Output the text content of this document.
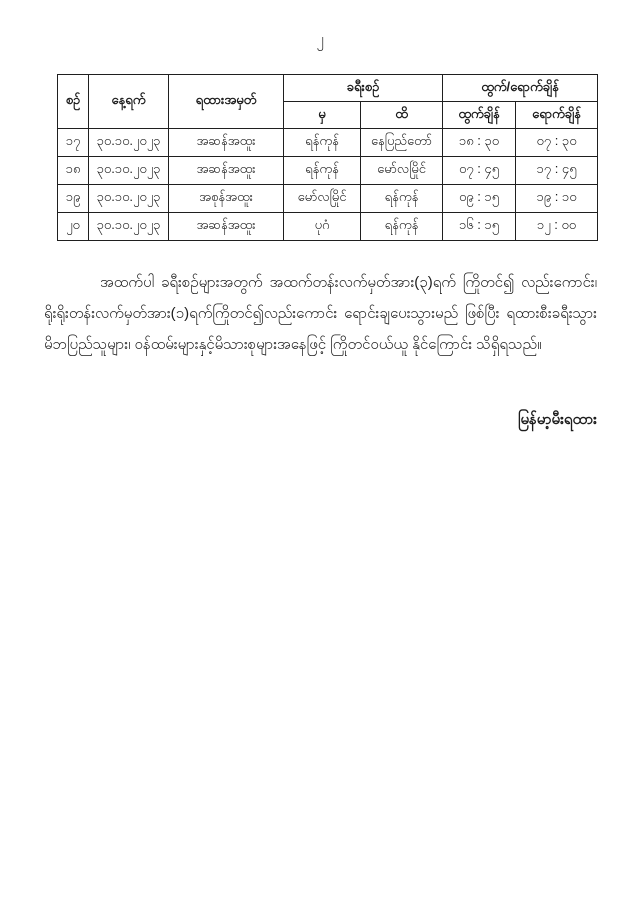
၂
စဉ်	နေ့ရက်	ရထားအမှတ်	ခရီးစဉ်		ထွက်/ရောက်ချိန်	
			မှ	ထိ	ထွက်ချိန်	ရောက်ချိန်
၁၇	၃၀.၁၀.၂၀၂၃	အဆန်အထူး	ရန်ကုန်	နေပြည်တော်	၁၈ : ၃၀	၀၇ : ၃၀
၁၈	၃၀.၁၀.၂၀၂၃	အဆန်အထူး	ရန်ကုန်	မော်လမြိုင်	၀၇ : ၄၅	၁၇ : ၄၅
၁၉	၃၀.၁၀.၂၀၂၃	အစုန်အထူး	မော်လမြိုင်	ရန်ကုန်	၀၉ : ၁၅	၁၉ : ၁၀
၂၀	၃၀.၁၀.၂၀၂၃	အဆန်အထူး	ပုဂံ	ရန်ကုန်	၁၆ : ၁၅	၁၂ : ၀၀

အထက်ပါ ခရီးစဉ်များအတွက် အထက်တန်းလက်မှတ်အား(၃)ရက် ကြိုတင်၍ လည်းကောင်း၊ ရိုးရိုးတန်းလက်မှတ်အား(၁)ရက်ကြိုတင်၍လည်းကောင်း ရောင်းချပေးသွားမည် ဖြစ်ပြီး ရထားစီးခရီးသွား မိဘပြည်သူများ၊ ဝန်ထမ်းများနှင့်မိသားစုများအနေဖြင့် ကြိုတင်ဝယ်ယူ နိုင်ကြောင်း သိရှိရသည်။

မြန်မာ့မီးရထား
